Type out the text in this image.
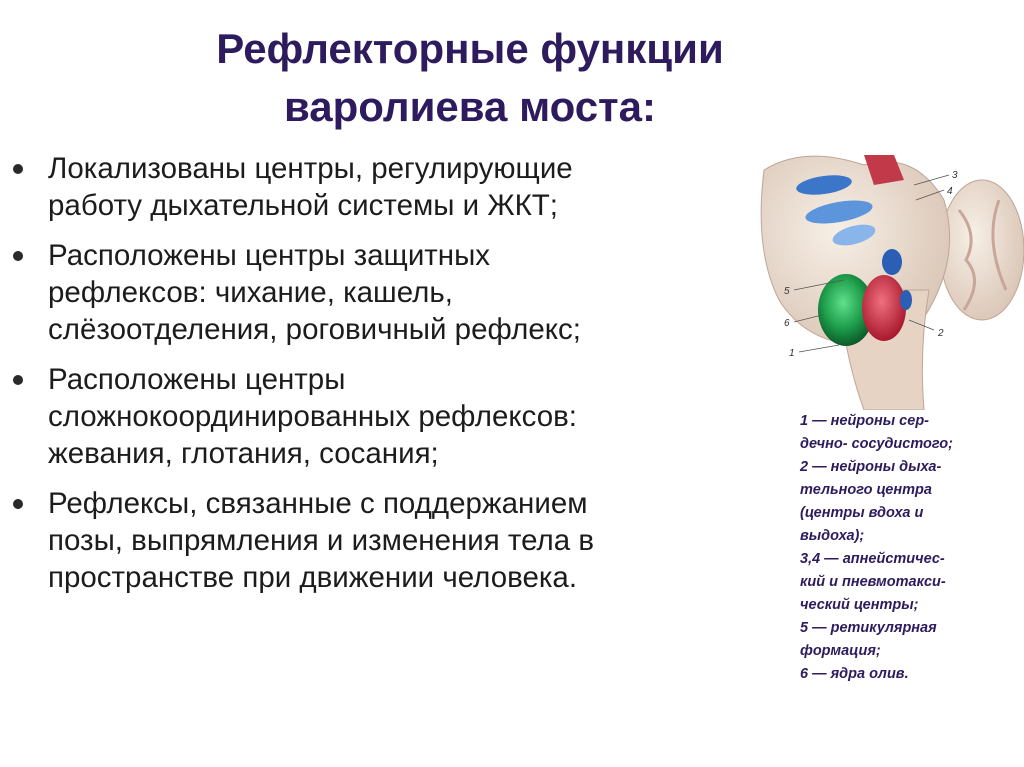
Рефлекторные функции
варолиева моста:
Локализованы центры, регулирующие
работу дыхательной системы и ЖКТ;
Расположены центры защитных
рефлексов: чихание, кашель,
слёзоотделения, роговичный рефлекс;
Расположены центры
сложнокоординированных рефлексов:
жевания, глотания, сосания;
Рефлексы, связанные с поддержанием
позы, выпрямления и изменения тела в
пространстве при движении человека.
3
4
5
6
1
2
1 — нейроны сер-
дечно- сосудистого;
2 — нейроны дыха-
тельного центра
(центры вдоха и
выдоха);
3,4 — апнейстичес-
кий и пневмотакси-
ческий центры;
5 — ретикулярная
формация;
6 — ядра олив.
